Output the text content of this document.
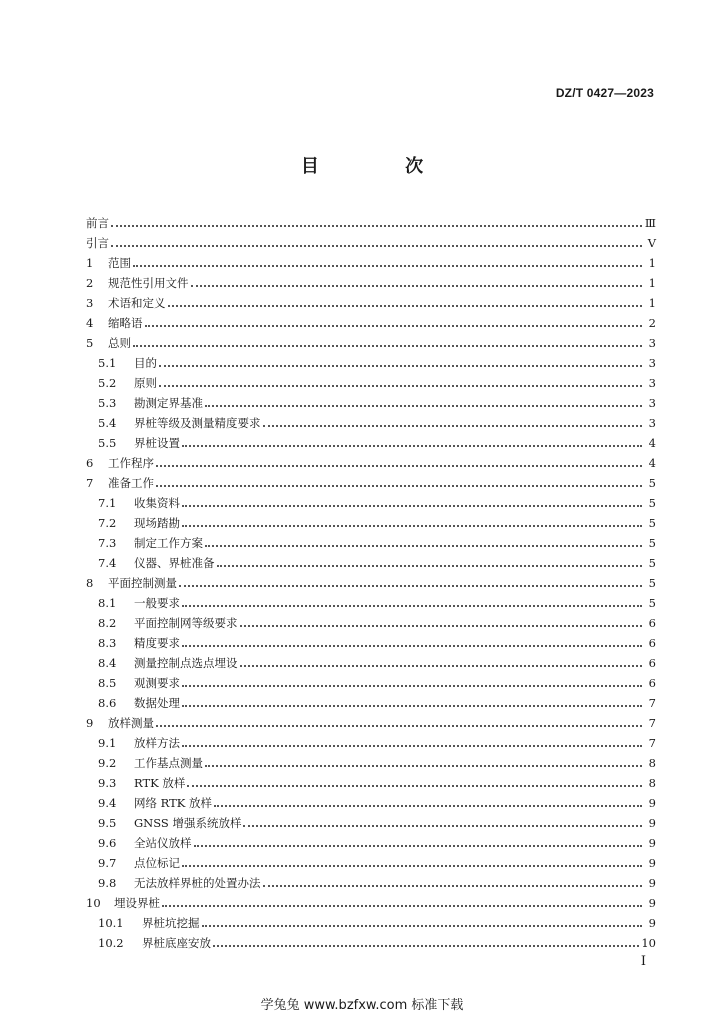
DZ/T 0427—2023
目 次
前言	Ⅲ
引言	Ⅴ
1	范围	1
2	规范性引用文件	1
3	术语和定义	1
4	缩略语	2
5	总则	3
5.1	目的	3
5.2	原则	3
5.3	勘测定界基准	3
5.4	界桩等级及测量精度要求	3
5.5	界桩设置	4
6	工作程序	4
7	准备工作	5
7.1	收集资料	5
7.2	现场踏勘	5
7.3	制定工作方案	5
7.4	仪器、界桩准备	5
8	平面控制测量	5
8.1	一般要求	5
8.2	平面控制网等级要求	6
8.3	精度要求	6
8.4	测量控制点选点埋设	6
8.5	观测要求	6
8.6	数据处理	7
9	放样测量	7
9.1	放样方法	7
9.2	工作基点测量	8
9.3	RTK 放样	8
9.4	网络 RTK 放样	9
9.5	GNSS 增强系统放样	9
9.6	全站仪放样	9
9.7	点位标记	9
9.8	无法放样界桩的处置办法	9
10	埋设界桩	9
10.1	界桩坑挖掘	9
10.2	界桩底座安放	10
I
学兔兔 www.bzfxw.com 标准下载
